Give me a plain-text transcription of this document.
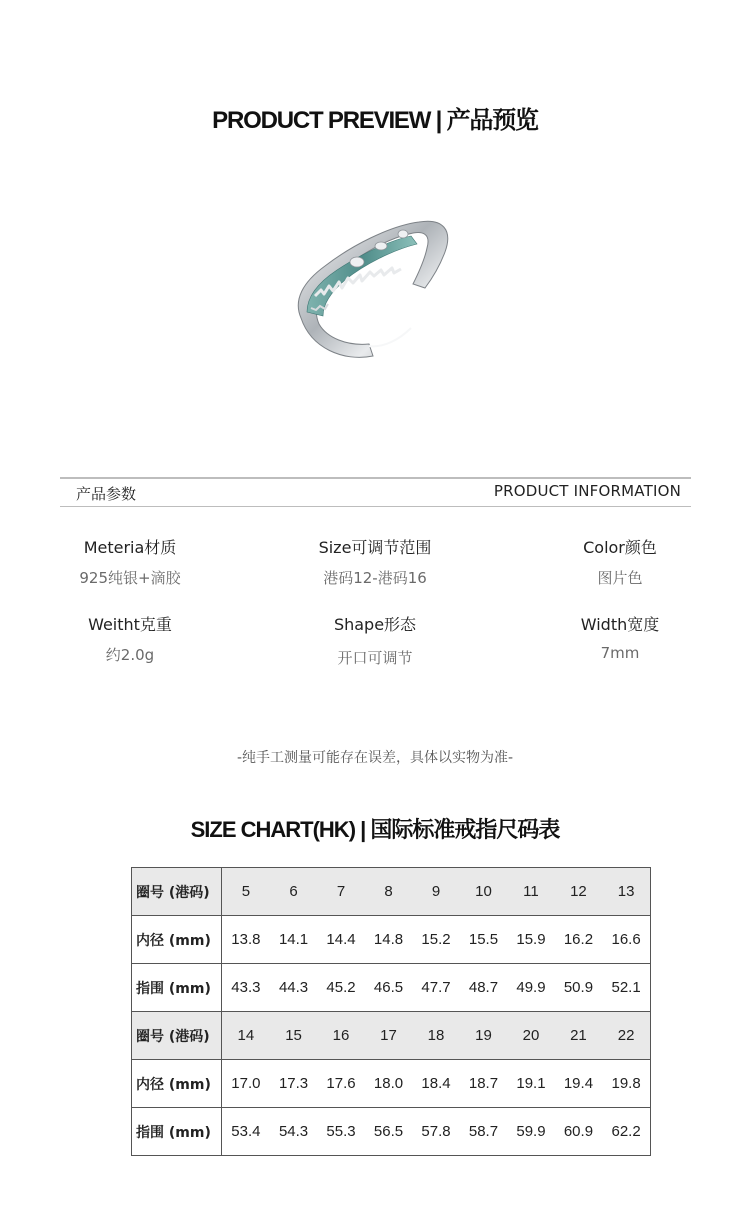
PRODUCT PREVIEW | 产品预览
产品参数	PRODUCT INFORMATION
Meteria材质
925纯银+滴胶
Size可调节范围
港码12-港码16
Color颜色
图片色
Weitht克重
约2.0g
Shape形态
开口可调节
Width宽度
7mm
-纯手工测量可能存在误差，具体以实物为准-
SIZE CHART(HK) | 国际标准戒指尺码表
圈号 (港码)	5	6	7	8	9	10	11	12	13
内径 (mm)	13.8	14.1	14.4	14.8	15.2	15.5	15.9	16.2	16.6
指围 (mm)	43.3	44.3	45.2	46.5	47.7	48.7	49.9	50.9	52.1
圈号 (港码)	14	15	16	17	18	19	20	21	22
内径 (mm)	17.0	17.3	17.6	18.0	18.4	18.7	19.1	19.4	19.8
指围 (mm)	53.4	54.3	55.3	56.5	57.8	58.7	59.9	60.9	62.2
